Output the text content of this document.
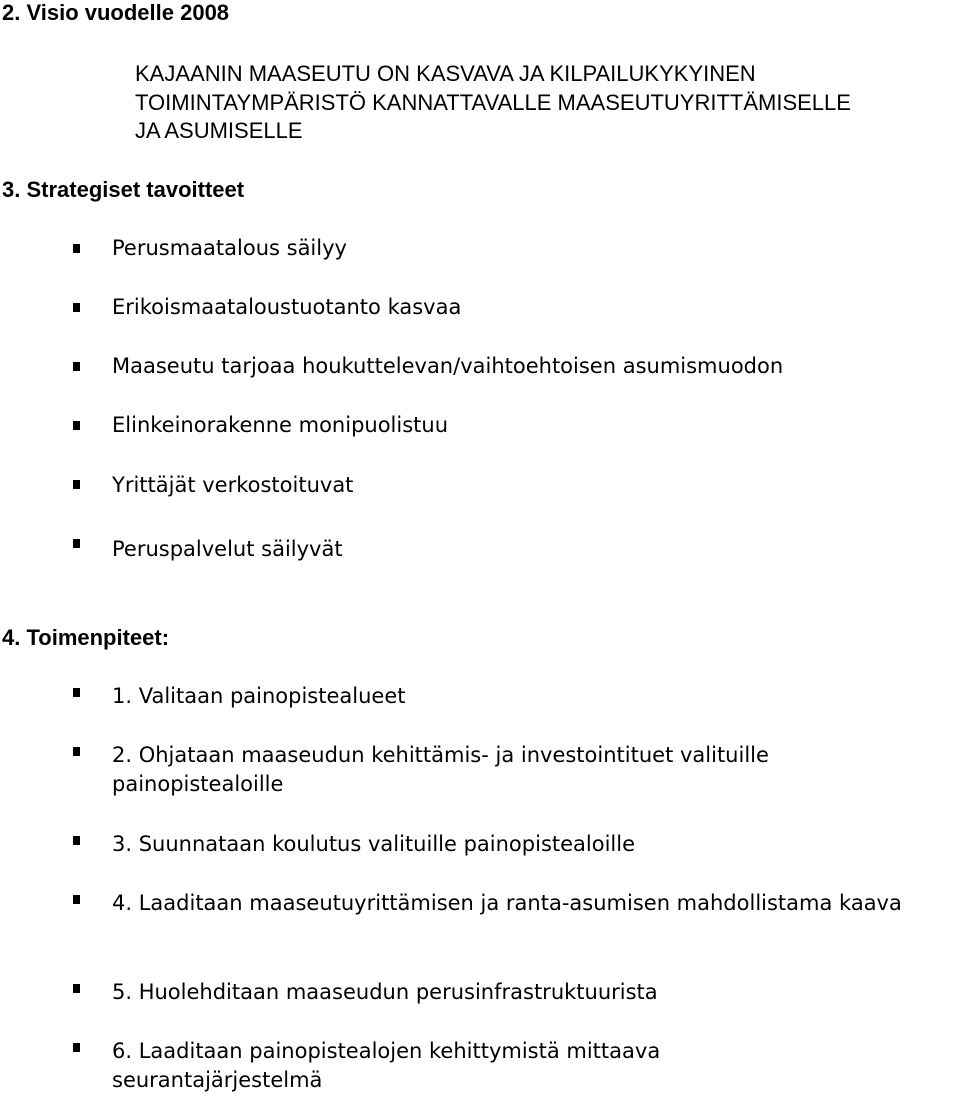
2. Visio vuodelle 2008
KAJAANIN MAASEUTU ON KASVAVA JA KILPAILUKYKYINEN
TOIMINTAYMPÄRISTÖ KANNATTAVALLE MAASEUTUYRITTÄMISELLE
JA ASUMISELLE
3. Strategiset tavoitteet
Perusmaatalous säilyy
Erikoismaataloustuotanto kasvaa
Maaseutu tarjoaa houkuttelevan/vaihtoehtoisen asumismuodon
Elinkeinorakenne monipuolistuu
Yrittäjät verkostoituvat
Peruspalvelut säilyvät
4. Toimenpiteet:
1. Valitaan painopistealueet
2. Ohjataan maaseudun kehittämis- ja investointituet valituille painopistealoille
3. Suunnataan koulutus valituille painopistealoille
4. Laaditaan maaseutuyrittämisen ja ranta-asumisen mahdollistama kaava
5. Huolehditaan maaseudun perusinfrastruktuurista
6. Laaditaan painopistealojen kehittymistä mittaava seurantajärjestelmä
